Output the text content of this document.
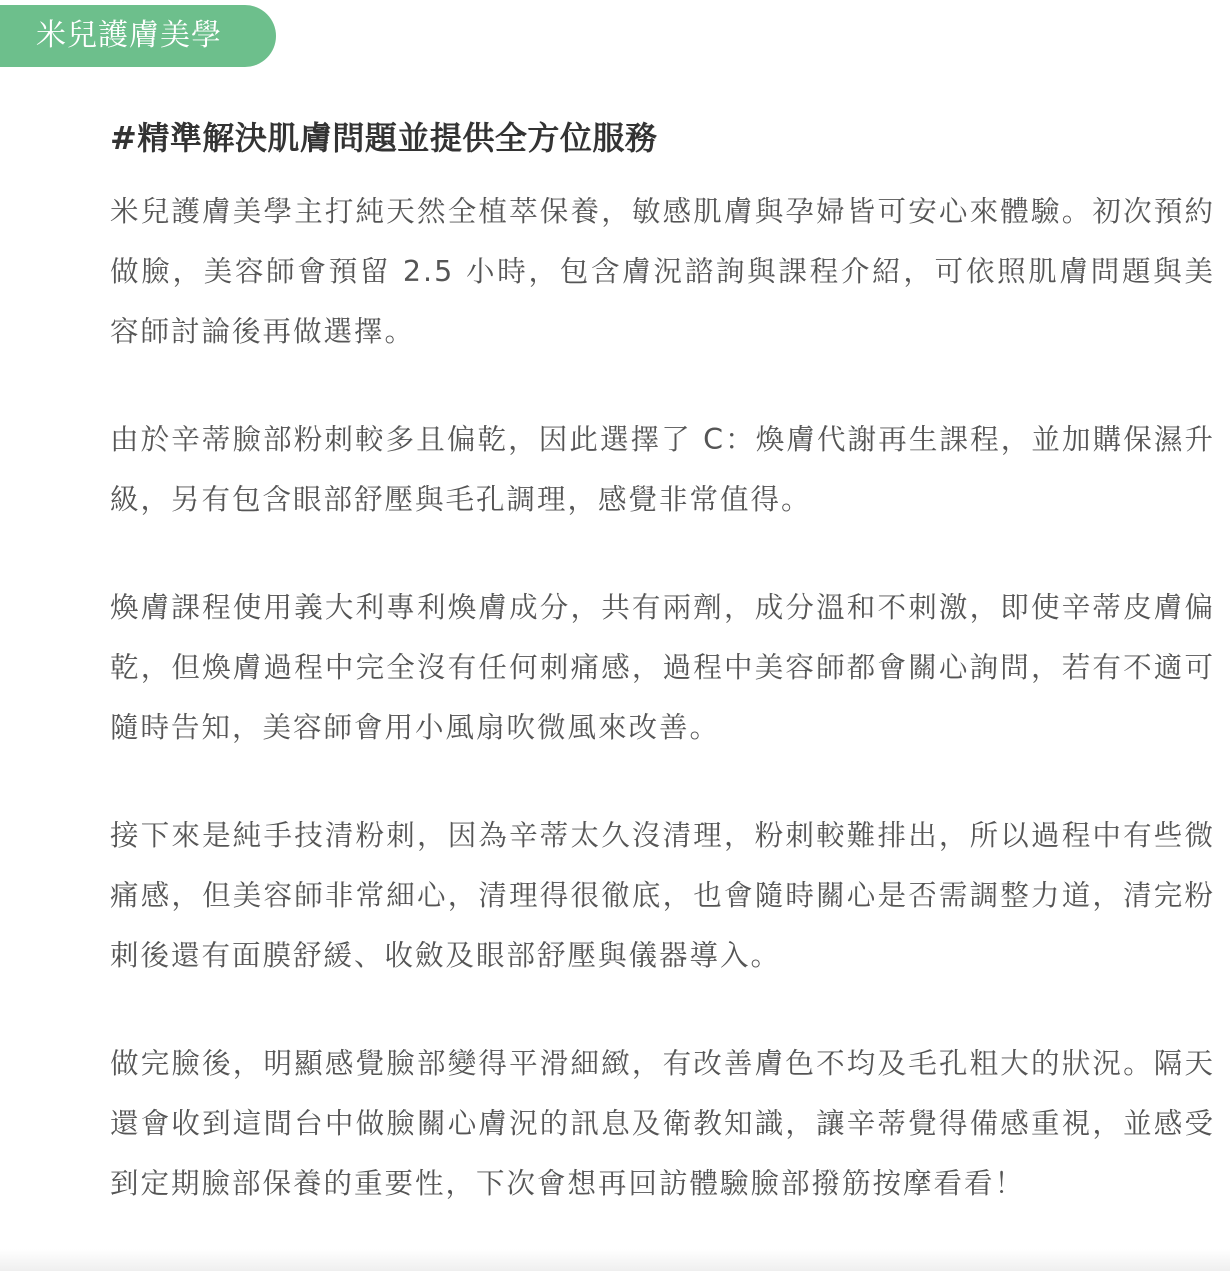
米兒護膚美學
#精準解決肌膚問題並提供全方位服務

米兒護膚美學主打純天然全植萃保養，敏感肌膚與孕婦皆可安心來體驗。初次預約做臉，美容師會預留 2.5 小時，包含膚況諮詢與課程介紹，可依照肌膚問題與美容師討論後再做選擇。

由於辛蒂臉部粉刺較多且偏乾，因此選擇了 C：煥膚代謝再生課程，並加購保濕升級，另有包含眼部舒壓與毛孔調理，感覺非常值得。

煥膚課程使用義大利專利煥膚成分，共有兩劑，成分溫和不刺激，即使辛蒂皮膚偏乾，但煥膚過程中完全沒有任何刺痛感，過程中美容師都會關心詢問，若有不適可隨時告知，美容師會用小風扇吹微風來改善。

接下來是純手技清粉刺，因為辛蒂太久沒清理，粉刺較難排出，所以過程中有些微痛感，但美容師非常細心，清理得很徹底，也會隨時關心是否需調整力道，清完粉刺後還有面膜舒緩、收斂及眼部舒壓與儀器導入。

做完臉後，明顯感覺臉部變得平滑細緻，有改善膚色不均及毛孔粗大的狀況。隔天還會收到這間台中做臉關心膚況的訊息及衛教知識，讓辛蒂覺得備感重視，並感受到定期臉部保養的重要性，下次會想再回訪體驗臉部撥筋按摩看看！
